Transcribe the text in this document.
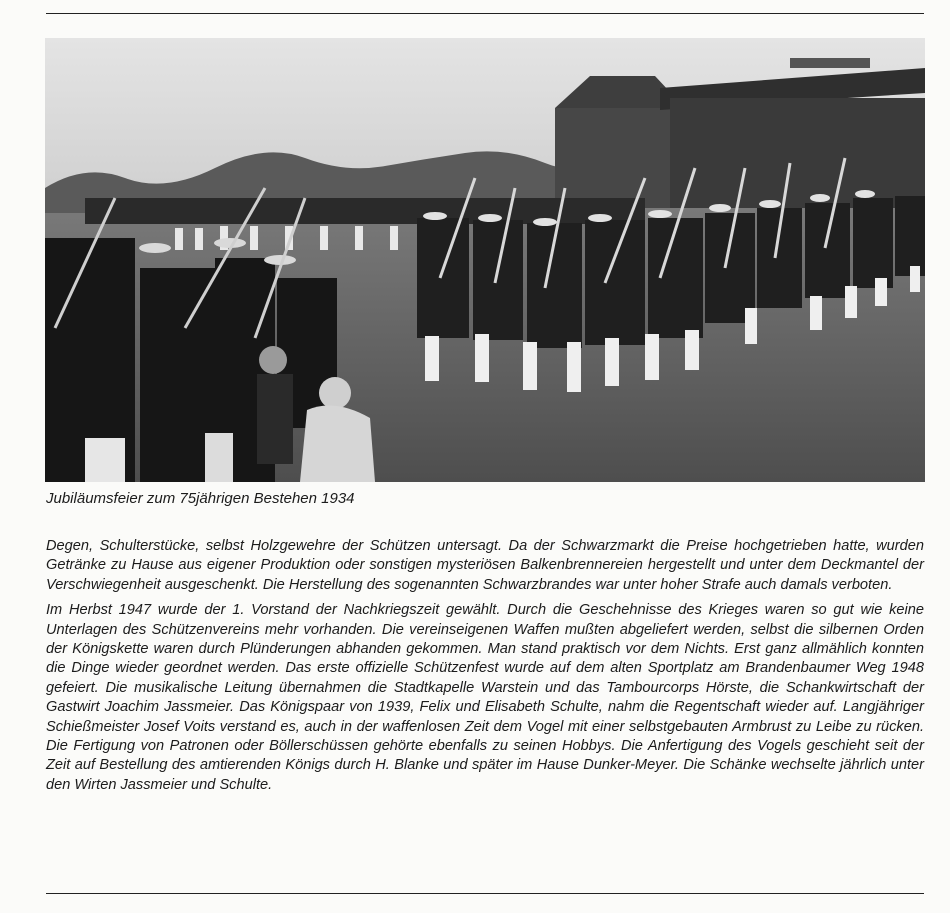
Jubiläumsfeier zum 75jährigen Bestehen 1934

Degen, Schulterstücke, selbst Holzgewehre der Schützen untersagt. Da der Schwarzmarkt die Preise hochgetrieben hatte, wurden Getränke zu Hause aus eigener Produktion oder sonstigen mysteriösen Balkenbrennereien hergestellt und unter dem Deckmantel der Verschwiegenheit ausgeschenkt. Die Herstellung des sogenannten Schwarzbrandes war unter hoher Strafe auch damals verboten.

Im Herbst 1947 wurde der 1. Vorstand der Nachkriegszeit gewählt. Durch die Geschehnisse des Krieges waren so gut wie keine Unterlagen des Schützenvereins mehr vorhanden. Die vereinseigenen Waffen mußten abgeliefert werden, selbst die silbernen Orden der Königskette waren durch Plünderungen abhanden gekommen. Man stand praktisch vor dem Nichts. Erst ganz allmählich konnten die Dinge wieder geordnet werden. Das erste offizielle Schützenfest wurde auf dem alten Sportplatz am Brandenbaumer Weg 1948 gefeiert. Die musikalische Leitung übernahmen die Stadtkapelle Warstein und das Tambourcorps Hörste, die Schankwirtschaft der Gastwirt Joachim Jassmeier. Das Königspaar von 1939, Felix und Elisabeth Schulte, nahm die Regentschaft wieder auf. Langjähriger Schießmeister Josef Voits verstand es, auch in der waffenlosen Zeit dem Vogel mit einer selbstgebauten Armbrust zu Leibe zu rücken. Die Fertigung von Patronen oder Böllerschüssen gehörte ebenfalls zu seinen Hobbys. Die Anfertigung des Vogels geschieht seit der Zeit auf Bestellung des amtierenden Königs durch H. Blanke und später im Hause Dunker-Meyer. Die Schänke wechselte jährlich unter den Wirten Jassmeier und Schulte.
